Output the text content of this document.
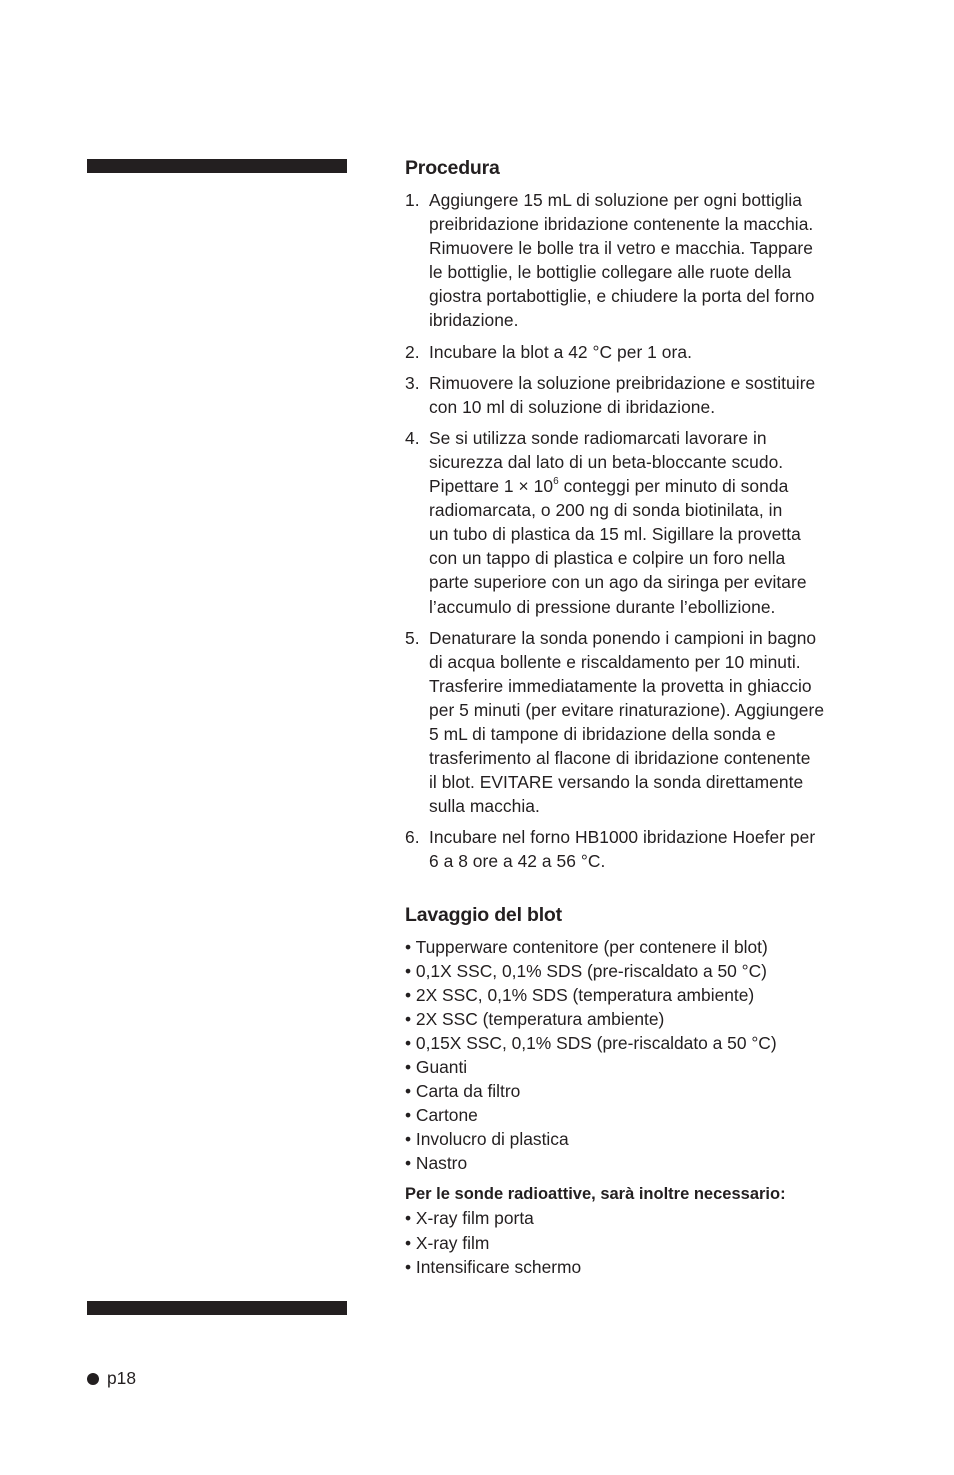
Procedura
1. Aggiungere 15 mL di soluzione per ogni bottiglia
preibridazione ibridazione contenente la macchia.
Rimuovere le bolle tra il vetro e macchia. Tappare
le bottiglie, le bottiglie collegare alle ruote della
giostra portabottiglie, e chiudere la porta del forno
ibridazione.
2. Incubare la blot a 42 °C per 1 ora.
3. Rimuovere la soluzione preibridazione e sostituire
con 10 ml di soluzione di ibridazione.
4. Se si utilizza sonde radiomarcati lavorare in
sicurezza dal lato di un beta-bloccante scudo.
Pipettare $1 \times 10^6$ conteggi per minuto di sonda
radiomarcata, o 200 ng di sonda biotinilata, in
un tubo di plastica da 15 ml. Sigillare la provetta
con un tappo di plastica e colpire un foro nella
parte superiore con un ago da siringa per evitare
l’accumulo di pressione durante l’ebollizione.
5. Denaturare la sonda ponendo i campioni in bagno
di acqua bollente e riscaldamento per 10 minuti.
Trasferire immediatamente la provetta in ghiaccio
per 5 minuti (per evitare rinaturazione). Aggiungere
5 mL di tampone di ibridazione della sonda e
trasferimento al flacone di ibridazione contenente
il blot. EVITARE versando la sonda direttamente
sulla macchia.
6. Incubare nel forno HB1000 ibridazione Hoefer per
6 a 8 ore a 42 a 56 °C.
Lavaggio del blot
• Tupperware contenitore (per contenere il blot)
• 0,1X SSC, 0,1% SDS (pre-riscaldato a 50 °C)
• 2X SSC, 0,1% SDS (temperatura ambiente)
• 2X SSC (temperatura ambiente)
• 0,15X SSC, 0,1% SDS (pre-riscaldato a 50 °C)
• Guanti
• Carta da filtro
• Cartone
• Involucro di plastica
• Nastro
Per le sonde radioattive, sarà inoltre necessario:
• X-ray film porta
• X-ray film
• Intensificare schermo
p18
